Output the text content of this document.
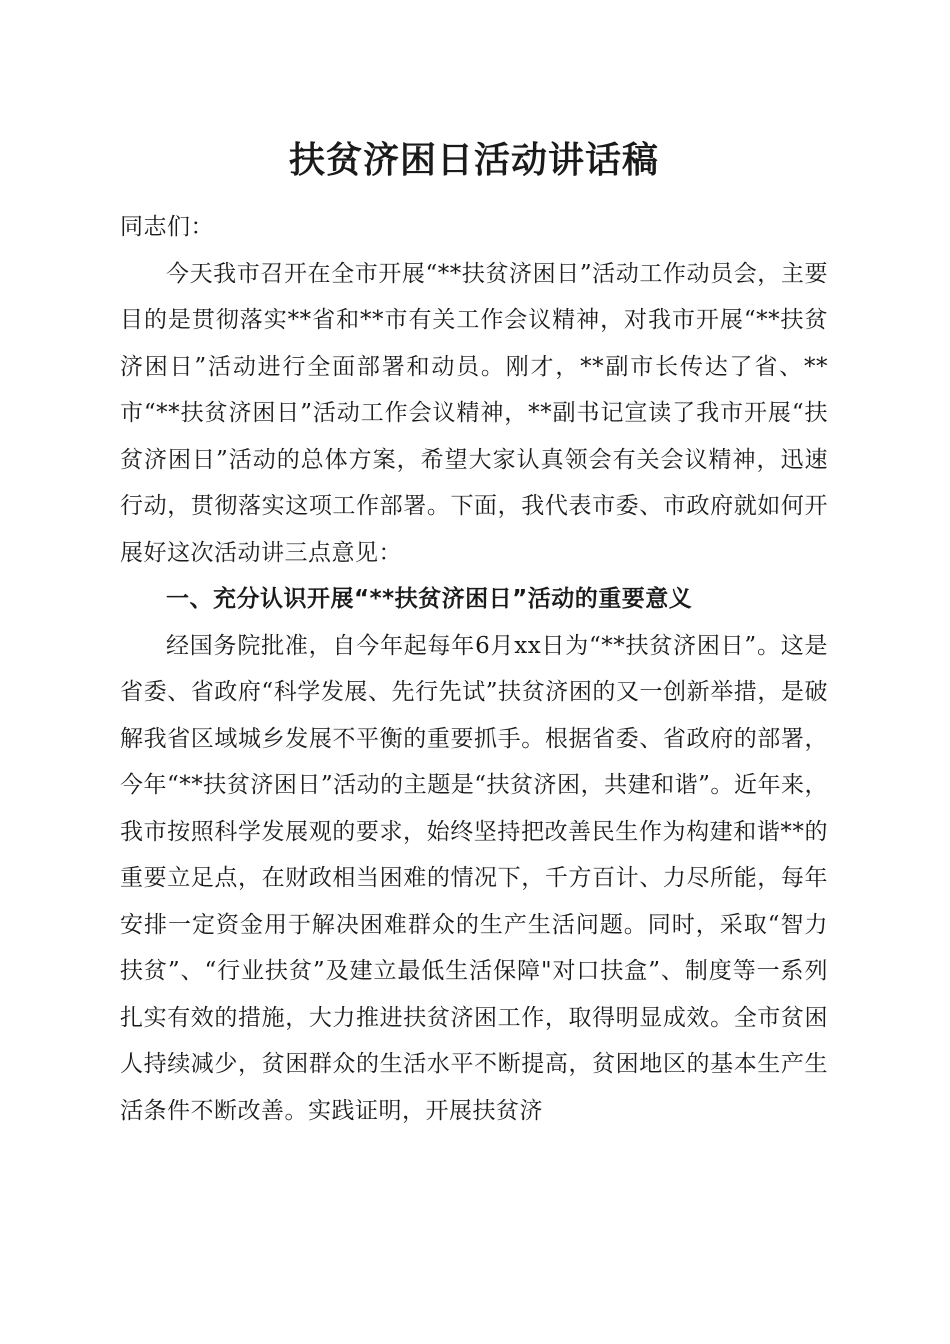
扶贫济困日活动讲话稿

同志们：

今天我市召开在全市开展“**扶贫济困日”活动工作动员会，主要目的是贯彻落实**省和**市有关工作会议精神，对我市开展“**扶贫济困日”活动进行全面部署和动员。刚才，**副市长传达了省、**市“**扶贫济困日”活动工作会议精神，**副书记宣读了我市开展“扶贫济困日”活动的总体方案，希望大家认真领会有关会议精神，迅速行动，贯彻落实这项工作部署。下面，我代表市委、市政府就如何开展好这次活动讲三点意见：

一、充分认识开展“**扶贫济困日”活动的重要意义

经国务院批准，自今年起每年6月xx日为“**扶贫济困日”。这是省委、省政府“科学发展、先行先试”扶贫济困的又一创新举措，是破解我省区域城乡发展不平衡的重要抓手。根据省委、省政府的部署，今年“**扶贫济困日”活动的主题是“扶贫济困，共建和谐”。近年来，我市按照科学发展观的要求，始终坚持把改善民生作为构建和谐**的重要立足点，在财政相当困难的情况下，千方百计、力尽所能，每年安排一定资金用于解决困难群众的生产生活问题。同时，采取“智力扶贫”、“行业扶贫”及建立最低生活保障"对口扶盒”、制度等一系列扎实有效的措施，大力推进扶贫济困工作，取得明显成效。全市贫困人持续减少，贫困群众的生活水平不断提高，贫困地区的基本生产生活条件不断改善。实践证明，开展扶贫济
